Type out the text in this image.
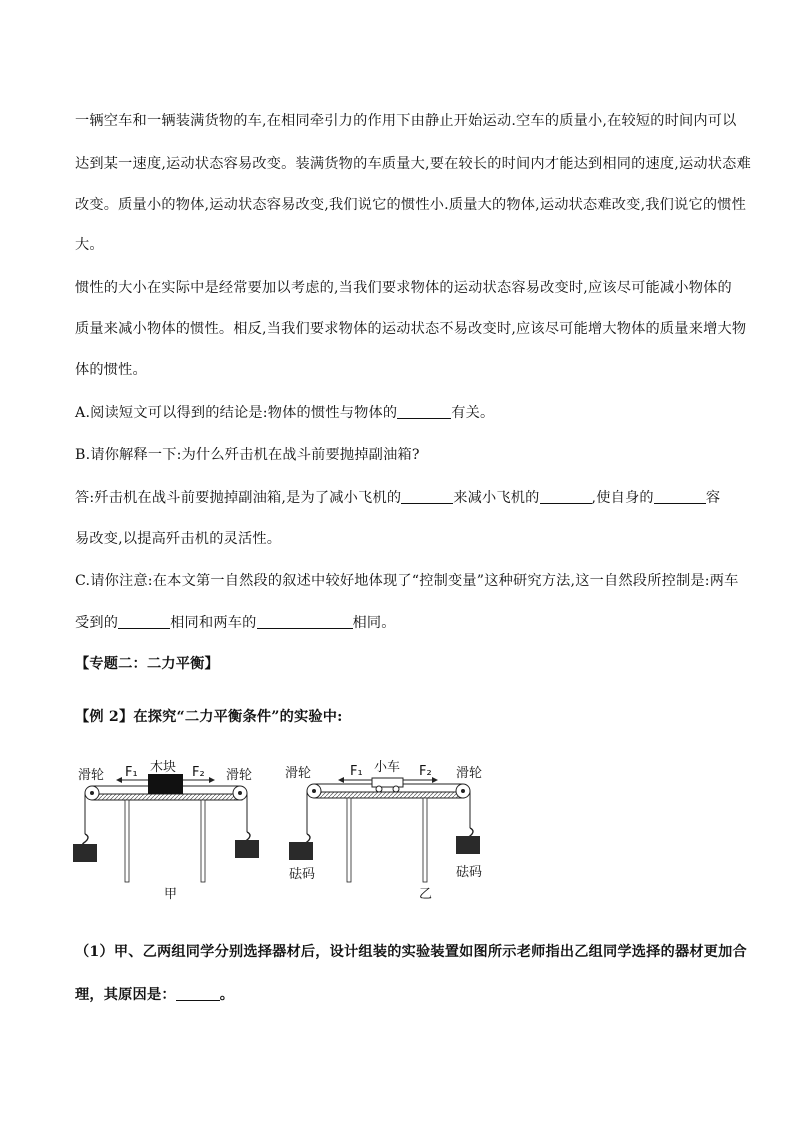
一辆空车和一辆装满货物的车,在相同牵引力的作用下由静止开始运动.空车的质量小,在较短的时间内可以
达到某一速度,运动状态容易改变。装满货物的车质量大,要在较长的时间内才能达到相同的速度,运动状态难
改变。质量小的物体,运动状态容易改变,我们说它的惯性小.质量大的物体,运动状态难改变,我们说它的惯性
大。
惯性的大小在实际中是经常要加以考虑的,当我们要求物体的运动状态容易改变时,应该尽可能减小物体的
质量来减小物体的惯性。相反,当我们要求物体的运动状态不易改变时,应该尽可能增大物体的质量来增大物
体的惯性。
A.阅读短文可以得到的结论是:物体的惯性与物体的	有关。
B.请你解释一下:为什么歼击机在战斗前要抛掉副油箱?
答:歼击机在战斗前要抛掉副油箱,是为了减小飞机的	来减小飞机的	,使自身的	容
易改变,以提高歼击机的灵活性。
C.请你注意:在本文第一自然段的叙述中较好地体现了“控制变量”这种研究方法,这一自然段所控制是:两车
受到的	相同和两车的	相同。
【专题二：二力平衡】
【例 2】在探究“二力平衡条件”的实验中:
滑轮	滑轮
木块
F₁	F₂
甲
滑轮	滑轮
小车
F₁	F₂
砝码	砝码
乙
（1）甲、乙两组同学分别选择器材后，设计组装的实验装置如图所示老师指出乙组同学选择的器材更加合
理，其原因是：	。
